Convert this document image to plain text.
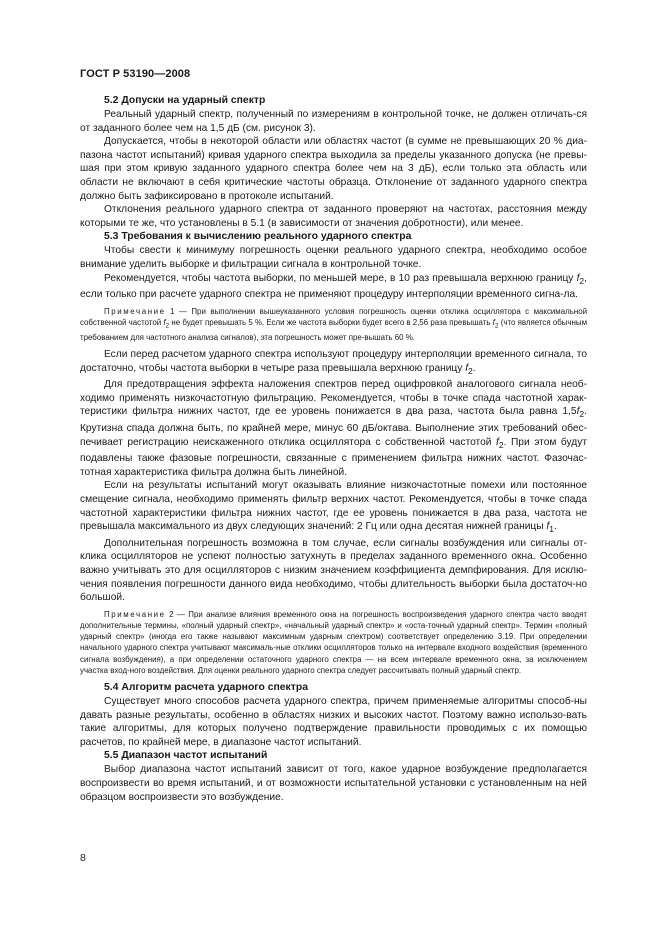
ГОСТ Р 53190—2008

5.2 Допуски на ударный спектр

Реальный ударный спектр, полученный по измерениям в контрольной точке, не должен отличать-ся от заданного более чем на 1,5 дБ (см. рисунок 3).

Допускается, чтобы в некоторой области или областях частот (в сумме не превышающих 20 % диа-пазона частот испытаний) кривая ударного спектра выходила за пределы указанного допуска (не превы-шая при этом кривую заданного ударного спектра более чем на 3 дБ), если только эта область или области не включают в себя критические частоты образца. Отклонение от заданного ударного спектра должно быть зафиксировано в протоколе испытаний.

Отклонения реального ударного спектра от заданного проверяют на частотах, расстояния между которыми те же, что установлены в 5.1 (в зависимости от значения добротности), или менее.

5.3 Требования к вычислению реального ударного спектра

Чтобы свести к минимуму погрешность оценки реального ударного спектра, необходимо особое внимание уделить выборке и фильтрации сигнала в контрольной точке.

Рекомендуется, чтобы частота выборки, по меньшей мере, в 10 раз превышала верхнюю границу $f_2$, если только при расчете ударного спектра не применяют процедуру интерполяции временного сигна-ла.

Примечание 1 — При выполнении вышеуказанного условия погрешность оценки отклика осциллятора с максимальной собственной частотой $f_2$ не будет превышать 5 %. Если же частота выборки будет всего в 2,56 раза превышать $f_2$ (что является обычным требованием для частотного анализа сигналов), эта погрешность может пре-вышать 60 %.

Если перед расчетом ударного спектра используют процедуру интерполяции временного сигнала, то достаточно, чтобы частота выборки в четыре раза превышала верхнюю границу $f_2$.

Для предотвращения эффекта наложения спектров перед оцифровкой аналогового сигнала необ-ходимо применять низкочастотную фильтрацию. Рекомендуется, чтобы в точке спада частотной харак-теристики фильтра нижних частот, где ее уровень понижается в два раза, частота была равна $1,5f_2$. Крутизна спада должна быть, по крайней мере, минус 60 дБ/октава. Выполнение этих требований обес-печивает регистрацию неискаженного отклика осциллятора с собственной частотой $f_2$. При этом будут подавлены также фазовые погрешности, связанные с применением фильтра нижних частот. Фазочас-тотная характеристика фильтра должна быть линейной.

Если на результаты испытаний могут оказывать влияние низкочастотные помехи или постоянное смещение сигнала, необходимо применять фильтр верхних частот. Рекомендуется, чтобы в точке спада частотной характеристики фильтра нижних частот, где ее уровень понижается в два раза, частота не превышала максимального из двух следующих значений: 2 Гц или одна десятая нижней границы $f_1$.

Дополнительная погрешность возможна в том случае, если сигналы возбуждения или сигналы от-клика осцилляторов не успеют полностью затухнуть в пределах заданного временного окна. Особенно важно учитывать это для осцилляторов с низким значением коэффициента демпфирования. Для исклю-чения появления погрешности данного вида необходимо, чтобы длительность выборки была достаточ-но большой.

Примечание 2 — При анализе влияния временного окна на погрешность воспроизведения ударного спектра часто вводят дополнительные термины, «полный ударный спектр», «начальный ударный спектр» и «оста-точный ударный спектр». Термин «полный ударный спектр» (иногда его также называют максимным ударным спектром) соответствует определению 3.19. При определении начального ударного спектра учитывают максималь-ные отклики осцилляторов только на интервале входного воздействия (временного сигнала возбуждения), а при определении остаточного ударного спектра — на всем интервале временного окна, за исключением участка вход-ного воздействия. Для оценки реального ударного спектра следует рассчитывать полный ударный спектр.

5.4 Алгоритм расчета ударного спектра

Существует много способов расчета ударного спектра, причем применяемые алгоритмы способ-ны давать разные результаты, особенно в областях низких и высоких частот. Поэтому важно использо-вать такие алгоритмы, для которых получено подтверждение правильности проводимых с их помощью расчетов, по крайней мере, в диапазоне частот испытаний.

5.5 Диапазон частот испытаний

Выбор диапазона частот испытаний зависит от того, какое ударное возбуждение предполагается воспроизвести во время испытаний, и от возможности испытательной установки с установленным на ней образцом воспроизвести это возбуждение.

8
